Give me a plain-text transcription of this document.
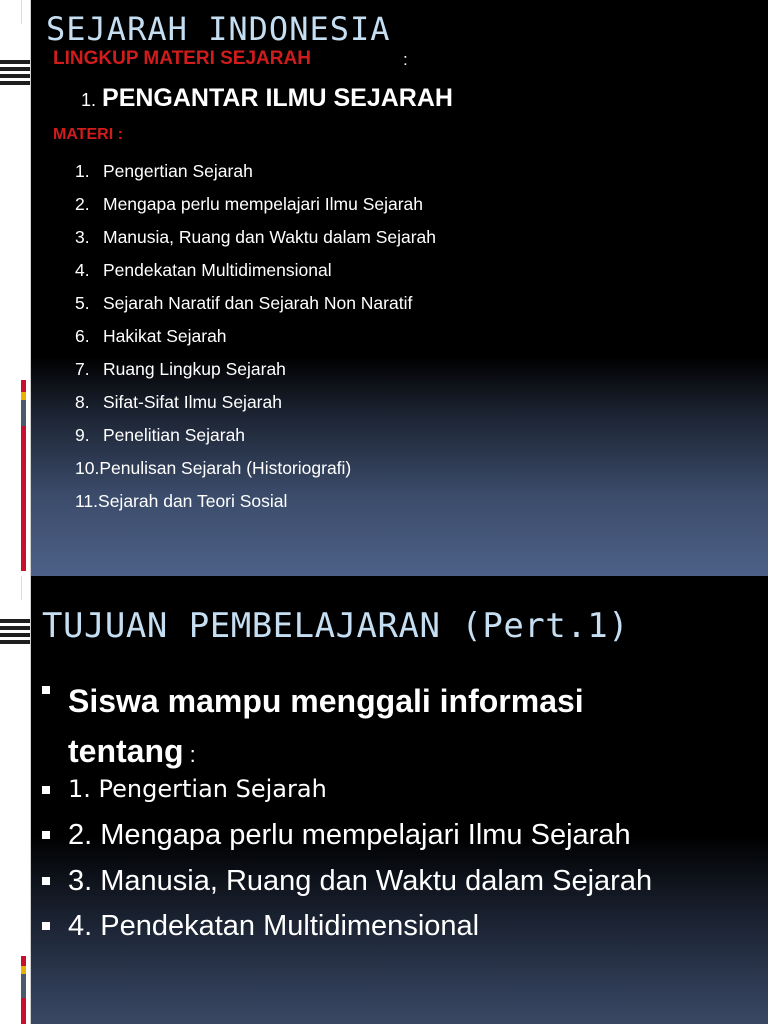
SEJARAH INDONESIA
LINGKUP MATERI SEJARAH	:
1. PENGANTAR ILMU SEJARAH
MATERI :
1. Pengertian Sejarah
2. Mengapa perlu mempelajari Ilmu Sejarah
3. Manusia, Ruang dan Waktu dalam Sejarah
4. Pendekatan Multidimensional
5. Sejarah Naratif dan Sejarah Non Naratif
6. Hakikat Sejarah
7. Ruang Lingkup Sejarah
8. Sifat-Sifat Ilmu Sejarah
9. Penelitian Sejarah
10.Penulisan Sejarah (Historiografi)
11.Sejarah dan Teori Sosial
TUJUAN PEMBELAJARAN (Pert.1)
Siswa mampu menggali informasi
tentang :
1. Pengertian Sejarah
2. Mengapa perlu mempelajari Ilmu Sejarah
3. Manusia, Ruang dan Waktu dalam Sejarah
4. Pendekatan Multidimensional
